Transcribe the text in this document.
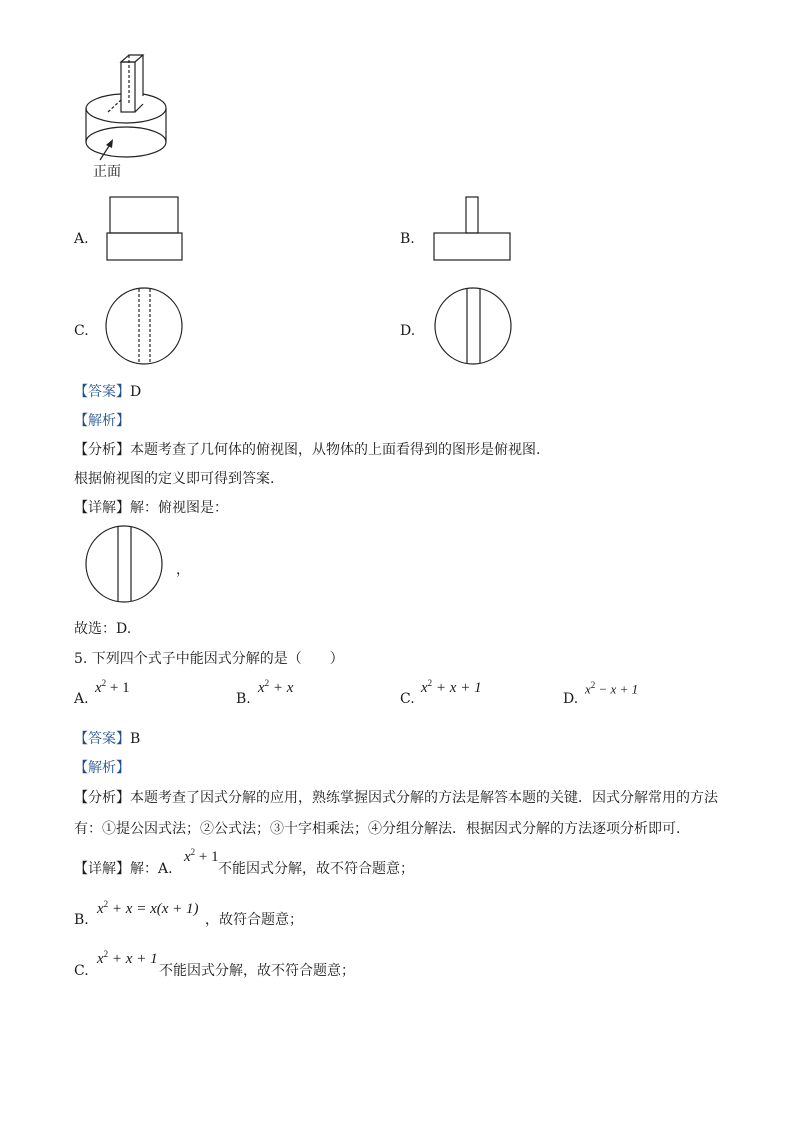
正面
A.	B.
C.	D.
【答案】D
【解析】
【分析】本题考查了几何体的俯视图，从物体的上面看得到的图形是俯视图.
根据俯视图的定义即可得到答案.
【详解】解：俯视图是：
，
故选：D.
5. 下列四个式子中能因式分解的是（　　）
A.
$x^2 + 1$
B.
$x^2 + x$
C.
$x^2 + x + 1$
D.
$x^2 - x + 1$
【答案】B
【解析】
【分析】本题考查了因式分解的应用，熟练掌握因式分解的方法是解答本题的关键．因式分解常用的方法
有：①提公因式法；②公式法；③十字相乘法；④分组分解法．根据因式分解的方法逐项分析即可.
【详解】解：A.
$x^2 + 1$
不能因式分解，故不符合题意；
B.
$x^2 + x = x(x + 1)$
，故符合题意；
C.
$x^2 + x + 1$
不能因式分解，故不符合题意；
